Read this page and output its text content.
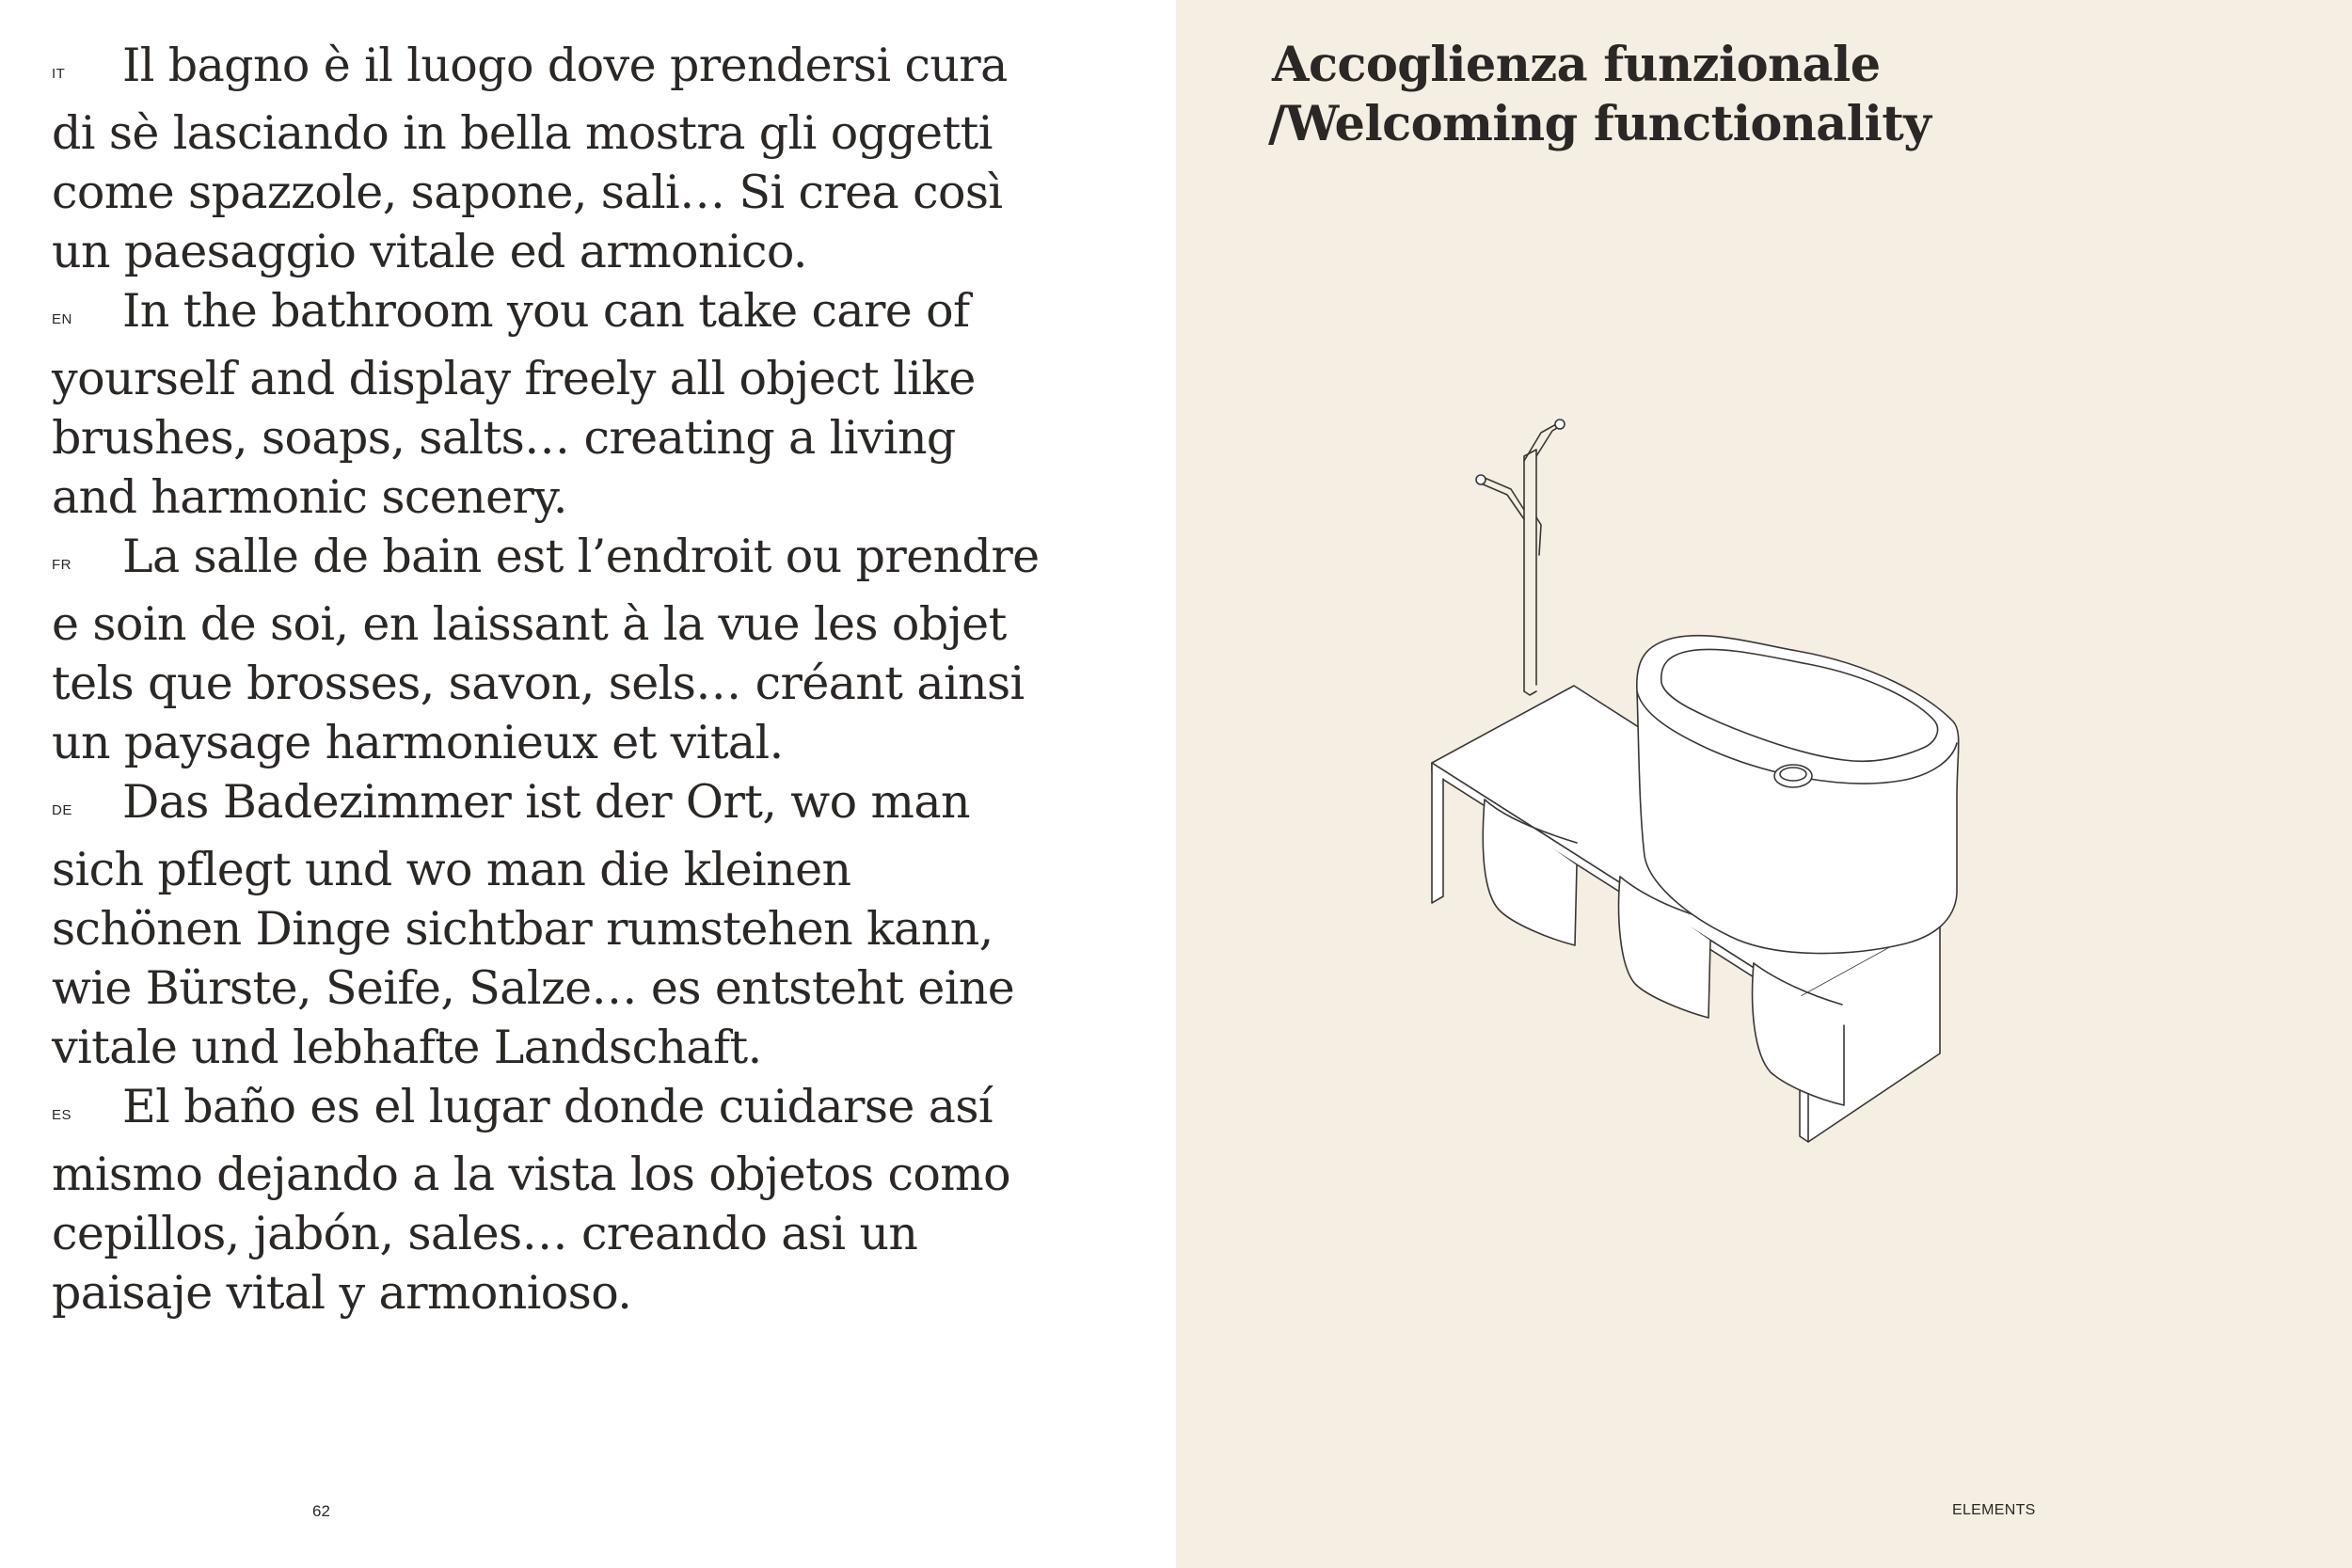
IT Il bagno è il luogo dove prendersi cura di sè lasciando in bella mostra gli oggetti come spazzole, sapone, sali… Si crea così un paesaggio vitale ed armonico.

EN In the bathroom you can take care of yourself and display freely all object like brushes, soaps, salts… creating a living and harmonic scenery.

FR La salle de bain est l’endroit ou prendre e soin de soi, en laissant à la vue les objet tels que brosses, savon, sels… créant ainsi un paysage harmonieux et vital.

DE Das Badezimmer ist der Ort, wo man sich pflegt und wo man die kleinen schönen Dinge sichtbar rumstehen kann, wie Bürste, Seife, Salze… es entsteht eine vitale und lebhafte Landschaft.

ES El baño es el lugar donde cuidarse así mismo dejando a la vista los objetos como cepillos, jabón, sales… creando asi un paisaje vital y armonioso.

62
Accoglienza funzionale
/Welcoming functionality
ELEMENTS
